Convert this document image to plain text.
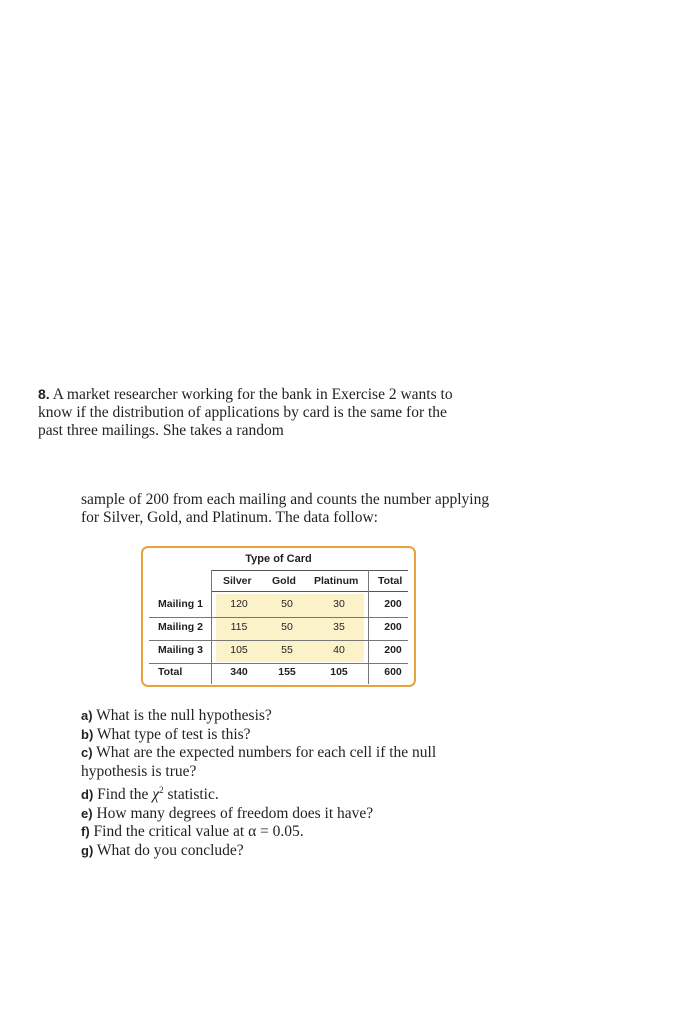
8. A market researcher working for the bank in Exercise 2 wants to know if the distribution of applications by card is the same for the past three mailings. She takes a random
sample of 200 from each mailing and counts the number applying for Silver, Gold, and Platinum. The data follow:
Type of Card
Silver Gold Platinum Total
Mailing 1	120	50	30	200
Mailing 2	115	50	35	200
Mailing 3	105	55	40	200
Total	340	155	105	600

a) What is the null hypothesis?

b) What type of test is this?

c) What are the expected numbers for each cell if the null hypothesis is true?

d) Find the $\chi^2$ statistic.

e) How many degrees of freedom does it have?

f) Find the critical value at α = 0.05.

g) What do you conclude?
